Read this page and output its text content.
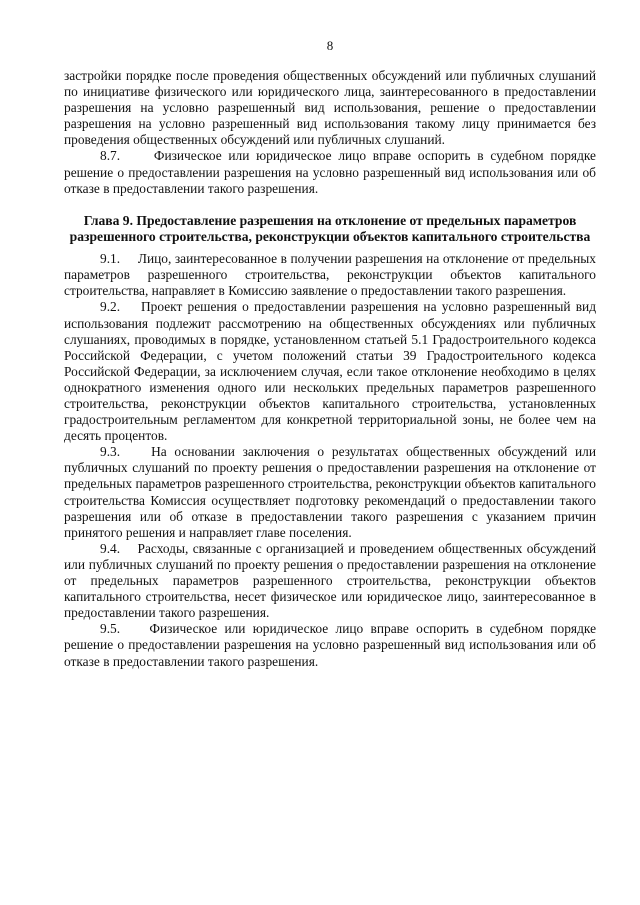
8

застройки порядке после проведения общественных обсуждений или публичных слушаний по инициативе физического или юридического лица, заинтересованного в предоставлении разрешения на условно разрешенный вид использования, решение о предоставлении разрешения на условно разрешенный вид использования такому лицу принимается без проведения общественных обсуждений или публичных слушаний.

8.7.	Физическое или юридическое лицо вправе оспорить в судебном порядке решение о предоставлении разрешения на условно разрешенный вид использования или об отказе в предоставлении такого разрешения.

Глава 9. Предоставление разрешения на отклонение от предельных параметров разрешенного строительства, реконструкции объектов капитального строительства

9.1. Лицо, заинтересованное в получении разрешения на отклонение от предельных параметров разрешенного строительства, реконструкции объектов капитального строительства, направляет в Комиссию заявление о предоставлении такого разрешения.

9.2. Проект решения о предоставлении разрешения на условно разрешенный вид использования подлежит рассмотрению на общественных обсуждениях или публичных слушаниях, проводимых в порядке, установленном статьей 5.1 Градостроительного кодекса Российской Федерации, с учетом положений статьи 39 Градостроительного кодекса Российской Федерации, за исключением случая, если такое отклонение необходимо в целях однократного изменения одного или нескольких предельных параметров разрешенного строительства, реконструкции объектов капитального строительства, установленных градостроительным регламентом для конкретной территориальной зоны, не более чем на десять процентов.

9.3. На основании заключения о результатах общественных обсуждений или публичных слушаний по проекту решения о предоставлении разрешения на отклонение от предельных параметров разрешенного строительства, реконструкции объектов капитального строительства Комиссия осуществляет подготовку рекомендаций о предоставлении такого разрешения или об отказе в предоставлении такого разрешения с указанием причин принятого решения и направляет главе поселения.

9.4. Расходы, связанные с организацией и проведением общественных обсуждений или публичных слушаний по проекту решения о предоставлении разрешения на отклонение от предельных параметров разрешенного строительства, реконструкции объектов капитального строительства, несет физическое или юридическое лицо, заинтересованное в предоставлении такого разрешения.

9.5. Физическое или юридическое лицо вправе оспорить в судебном порядке решение о предоставлении разрешения на условно разрешенный вид использования или об отказе в предоставлении такого разрешения.
